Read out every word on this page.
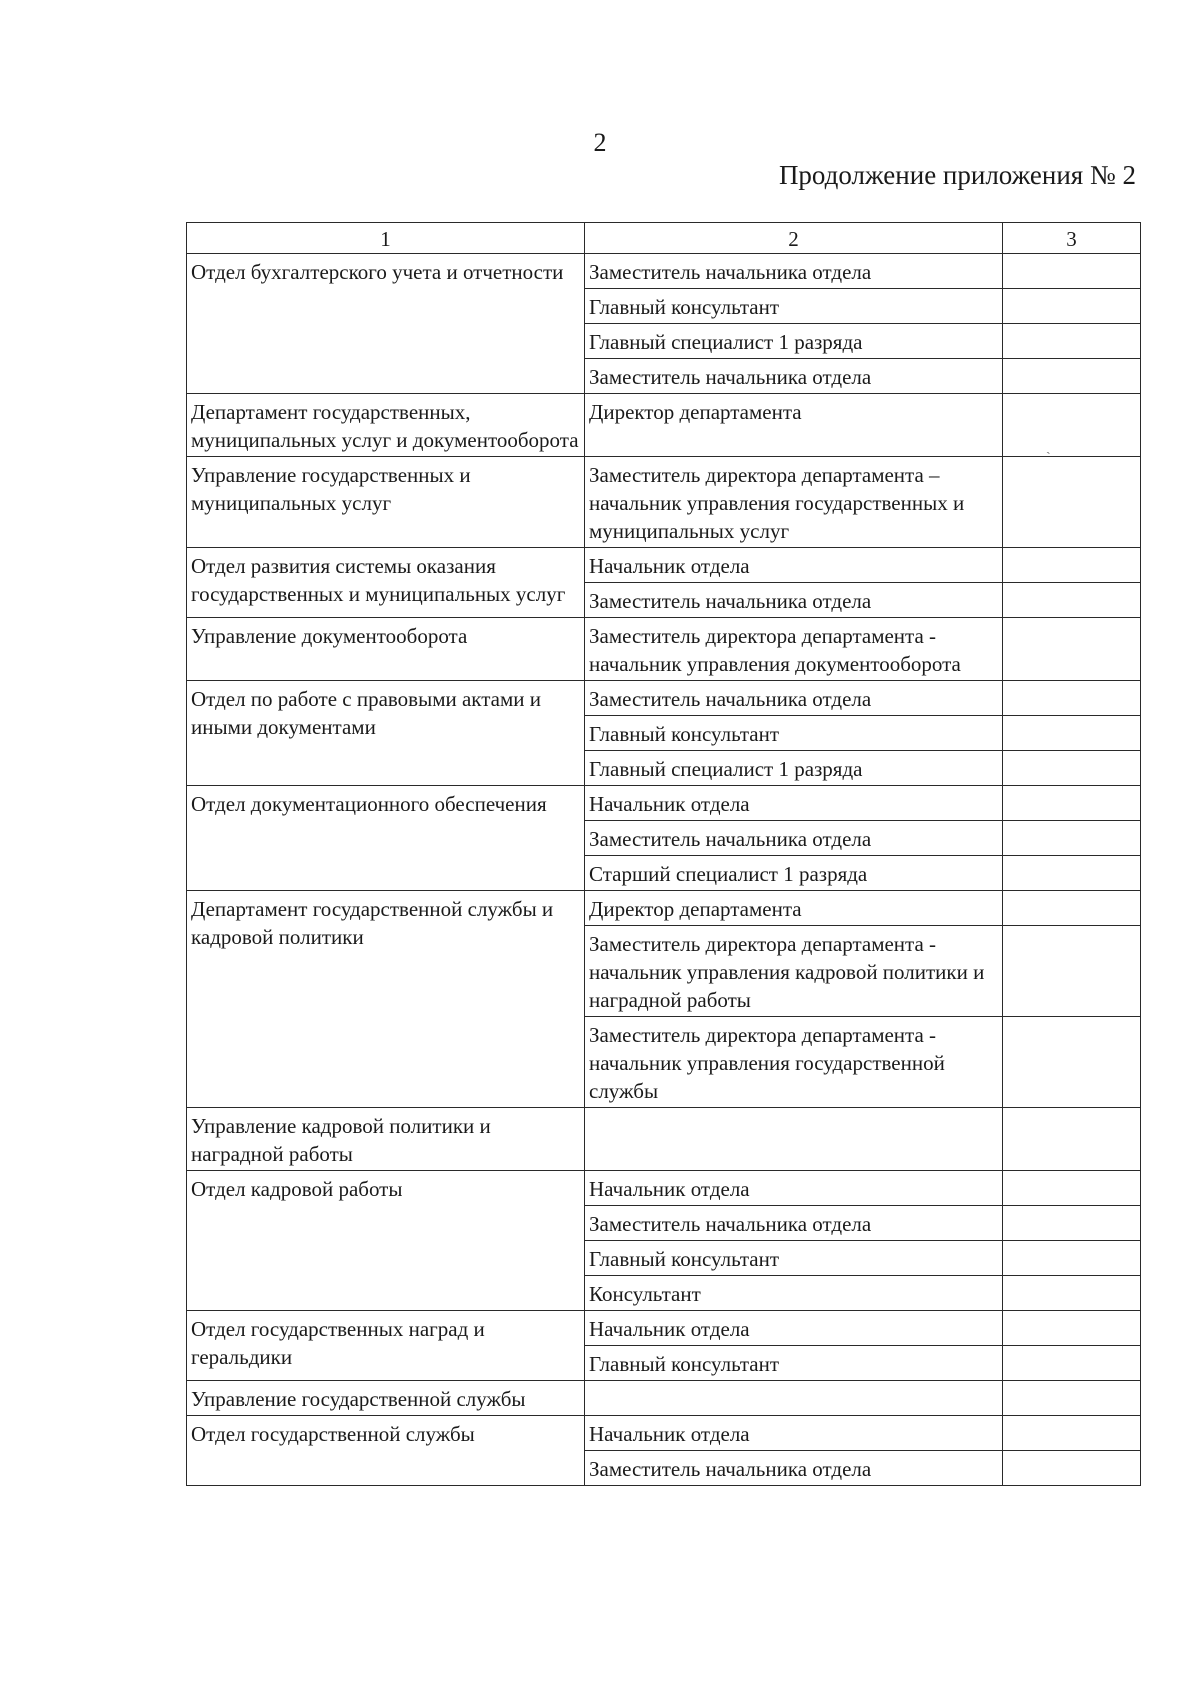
2
Продолжение приложения № 2
1	2	3
Отдел бухгалтерского учета и отчетности	Заместитель начальника отдела	
	Главный консультант	
	Главный специалист 1 разряда	
	Заместитель начальника отдела	
Департамент государственных, муниципальных услуг и документооборота	Директор департамента	
Управление государственных и муниципальных услуг	Заместитель директора департамента – начальник управления государственных и муниципальных услуг	
Отдел развития системы оказания государственных и муниципальных услуг	Начальник отдела	
	Заместитель начальника отдела	
Управление документооборота	Заместитель директора департамента - начальник управления документооборота	
Отдел по работе с правовыми актами и иными документами	Заместитель начальника отдела	
	Главный консультант	
	Главный специалист 1 разряда	
Отдел документационного обеспечения	Начальник отдела	
	Заместитель начальника отдела	
	Старший специалист 1 разряда	
Департамент государственной службы и кадровой политики	Директор департамента	
	Заместитель директора департамента - начальник управления кадровой политики и наградной работы	
	Заместитель директора департамента - начальник управления государственной службы	
Управление кадровой политики и наградной работы		
Отдел кадровой работы	Начальник отдела	
	Заместитель начальника отдела	
	Главный консультант	
	Консультант	
Отдел государственных наград и геральдики	Начальник отдела	
	Главный консультант	
Управление государственной службы		
Отдел государственной службы	Начальник отдела	
	Заместитель начальника отдела	
ˏ
